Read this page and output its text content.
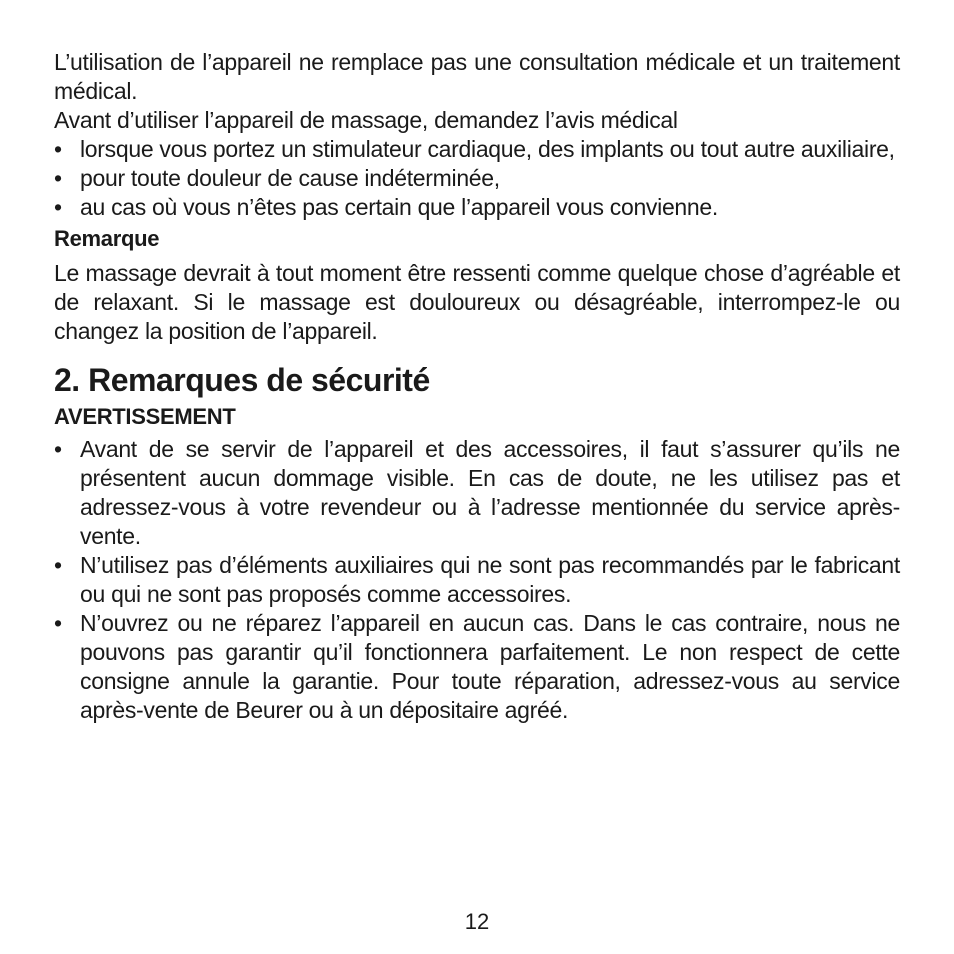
L’utilisation de l’appareil ne remplace pas une consultation médicale et un traitement médical.

Avant d’utiliser l’appareil de massage, demandez l’avis médical

• lorsque vous portez un stimulateur cardiaque, des implants ou tout autre auxiliaire,
• pour toute douleur de cause indéterminée,
• au cas où vous n’êtes pas certain que l’appareil vous convienne.
Remarque

Le massage devrait à tout moment être ressenti comme quelque chose d’agréable et de relaxant. Si le massage est douloureux ou désagréable, interrompez-le ou changez la position de l’appareil.

2. Remarques de sécurité
AVERTISSEMENT
• Avant de se servir de l’appareil et des accessoires, il faut s’assurer qu’ils ne présentent aucun dommage visible. En cas de doute, ne les utilisez pas et adressez-vous à votre revendeur ou à l’adresse mentionnée du service après-vente.
• N’utilisez pas d’éléments auxiliaires qui ne sont pas recommandés par le fabricant ou qui ne sont pas proposés comme accessoires.
• N’ouvrez ou ne réparez l’appareil en aucun cas. Dans le cas contraire, nous ne pouvons pas garantir qu’il fonctionnera parfaitement. Le non respect de cette consigne annule la garantie. Pour toute réparation, adressez-vous au service après-vente de Beurer ou à un dépositaire agréé.
12
